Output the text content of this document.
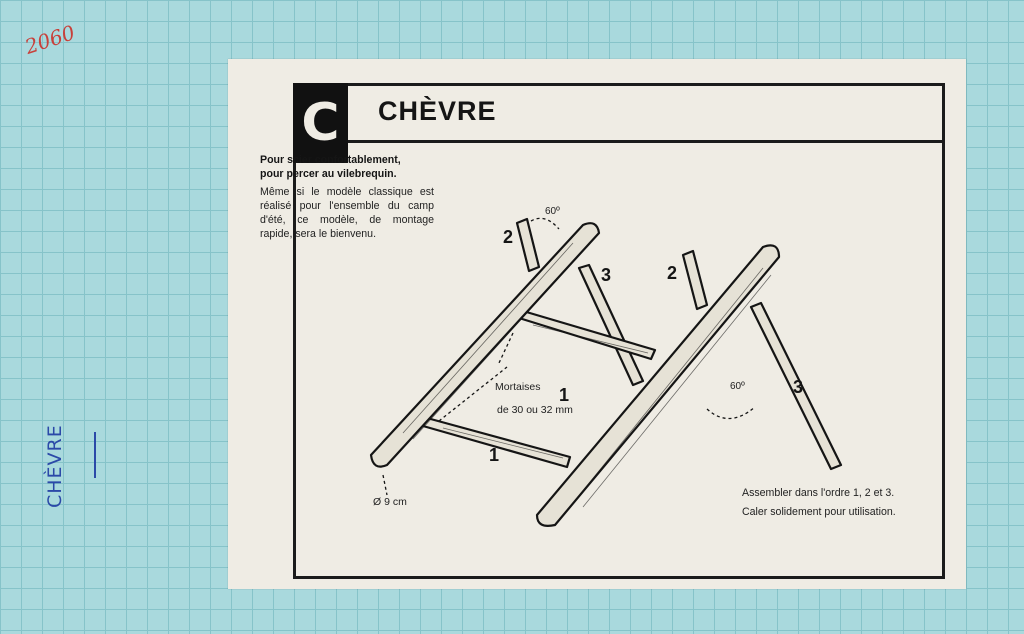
2060
CHÈVRE
C	CHÈVRE
Pour scier confortablement,
pour percer au vilebrequin.
Même si le modèle classique est réalisé pour l'ensemble du camp d'été, ce modèle, de montage rapide, sera le bienvenu.
60º
60º
2
3	2
3
1
1
Mortaises
de 30 ou 32 mm
Ø 9 cm
Assembler dans l'ordre 1, 2 et 3.
Caler solidement pour utilisation.
